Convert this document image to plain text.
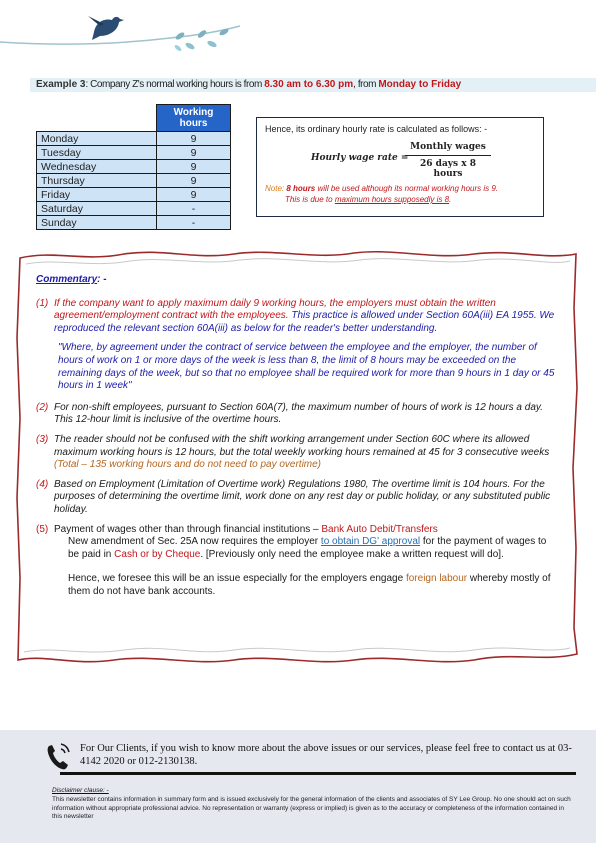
Example 3: Company Z's normal working hours is from 8.30 am to 6.30 pm, from Monday to Friday
	Working hours
Monday	9
Tuesday	9
Wednesday	9
Thursday	9
Friday	9
Saturday	-
Sunday	-
Hence, its ordinary hourly rate is calculated as follows: -
Hourly wage rate =
Monthly wages
26 days x 8 hours
Note: 8 hours will be used although its normal working hours is 9.
This is due to maximum hours supposedly is 8.
Commentary: -
(1) If the company want to apply maximum daily 9 working hours, the employers must obtain the written agreement/employment contract with the employees. This practice is allowed under Section 60A(iii) EA 1955. We reproduced the relevant section 60A(iii) as below for the reader's better understanding.
"Where, by agreement under the contract of service between the employee and the employer, the number of hours of work on 1 or more days of the week is less than 8, the limit of 8 hours may be exceeded on the remaining days of the week, but so that no employee shall be required work for more than 9 hours in 1 day or 45 hours in 1 week"
(2) For non-shift employees, pursuant to Section 60A(7), the maximum number of hours of work is 12 hours a day. This 12-hour limit is inclusive of the overtime hours.
(3) The reader should not be confused with the shift working arrangement under Section 60C where its allowed maximum working hours is 12 hours, but the total weekly working hours remained at 45 for 3 consecutive weeks (Total – 135 working hours and do not need to pay overtime)
(4) Based on Employment (Limitation of Overtime work) Regulations 1980, The overtime limit is 104 hours. For the purposes of determining the overtime limit, work done on any rest day or public holiday, or any substituted public holiday.
(5) Payment of wages other than through financial institutions – Bank Auto Debit/Transfers
New amendment of Sec. 25A now requires the employer to obtain DG' approval for the payment of wages to be paid in Cash or by Cheque. [Previously only need the employee make a written request will do].
Hence, we foresee this will be an issue especially for the employers engage foreign labour whereby mostly of them do not have bank accounts.
For Our Clients, if you wish to know more about the above issues or our services, please feel free to contact us at 03-4142 2020 or 012-2130138.
Disclaimer clause: -
This newsletter contains information in summary form and is issued exclusively for the general information of the clients and associates of SY Lee Group. No one should act on such information without appropriate professional advice. No representation or warranty (express or implied) is given as to the accuracy or completeness of the information contained in this newsletter
